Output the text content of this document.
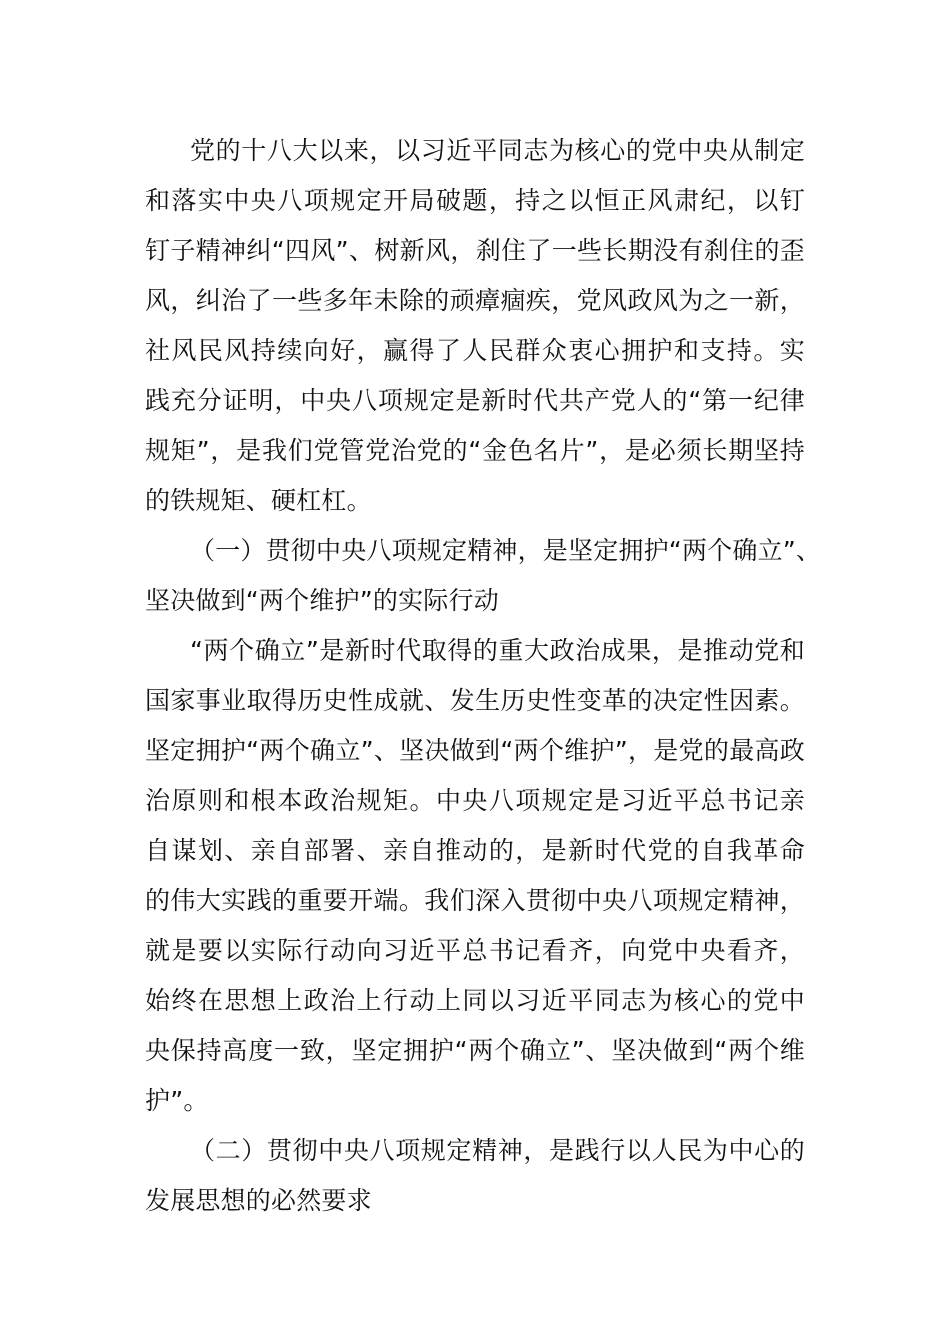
党的十八大以来，以习近平同志为核心的党中央从制定
和落实中央八项规定开局破题，持之以恒正风肃纪，以钉
钉子精神纠“四风”、树新风，刹住了一些长期没有刹住的歪
风，纠治了一些多年未除的顽瘴痼疾，党风政风为之一新，
社风民风持续向好，赢得了人民群众衷心拥护和支持。实
践充分证明，中央八项规定是新时代共产党人的“第一纪律
规矩”，是我们党管党治党的“金色名片”，是必须长期坚持
的铁规矩、硬杠杠。
（一）贯彻中央八项规定精神，是坚定拥护“两个确立”、
坚决做到“两个维护”的实际行动
“两个确立”是新时代取得的重大政治成果，是推动党和
国家事业取得历史性成就、发生历史性变革的决定性因素。
坚定拥护“两个确立”、坚决做到“两个维护”，是党的最高政
治原则和根本政治规矩。中央八项规定是习近平总书记亲
自谋划、亲自部署、亲自推动的，是新时代党的自我革命
的伟大实践的重要开端。我们深入贯彻中央八项规定精神，
就是要以实际行动向习近平总书记看齐，向党中央看齐，
始终在思想上政治上行动上同以习近平同志为核心的党中
央保持高度一致，坚定拥护“两个确立”、坚决做到“两个维
护”。
（二）贯彻中央八项规定精神，是践行以人民为中心的
发展思想的必然要求
